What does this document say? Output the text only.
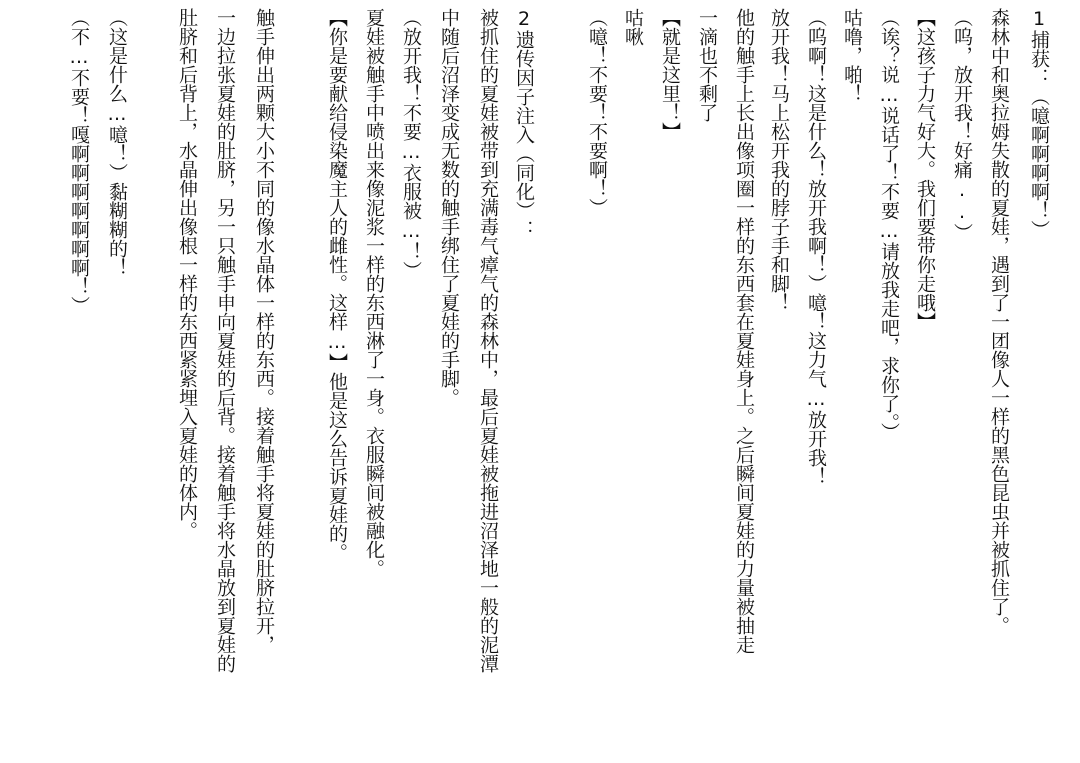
1捕获：（噫啊啊啊啊！）
森林中和奥拉姆失散的夏娃，遇到了一团像人一样的黑色昆虫并被抓住了。
（呜，放开我！好痛..）
【这孩子力气好大。我们要带你走哦】
（诶？说…说话了！不要…请放我走吧，求你了。）
咕噜，啪！
（呜啊！这是什么！放开我啊！）噫！这力气…放开我！
放开我！马上松开我的脖子手和脚！
他的触手上长出像项圈一样的东西套在夏娃身上。之后瞬间夏娃的力量被抽走
一滴也不剩了
【就是这里！】
咕啾
（噫！不要！不要啊！）
2遗传因子注入（同化）：
被抓住的夏娃被带到充满毒气瘴气的森林中，最后夏娃被拖进沼泽地一般的泥潭
中随后沼泽变成无数的触手绑住了夏娃的手脚。
（放开我！不要…衣服被…！）
夏娃被触手中喷出来像泥浆一样的东西淋了一身。衣服瞬间被融化。
【你是要献给侵染魔主人的雌性。这样…】他是这么告诉夏娃的。
触手伸出两颗大小不同的像水晶体一样的东西。接着触手将夏娃的肚脐拉开，
一边拉张夏娃的肚脐，另一只触手申向夏娃的后背。接着触手将水晶放到夏娃的
肚脐和后背上，水晶伸出像根一样的东西紧紧埋入夏娃的体内。
（这是什么…噫！）黏糊糊的！
（不…不要！嘎啊啊啊啊啊啊啊！）
